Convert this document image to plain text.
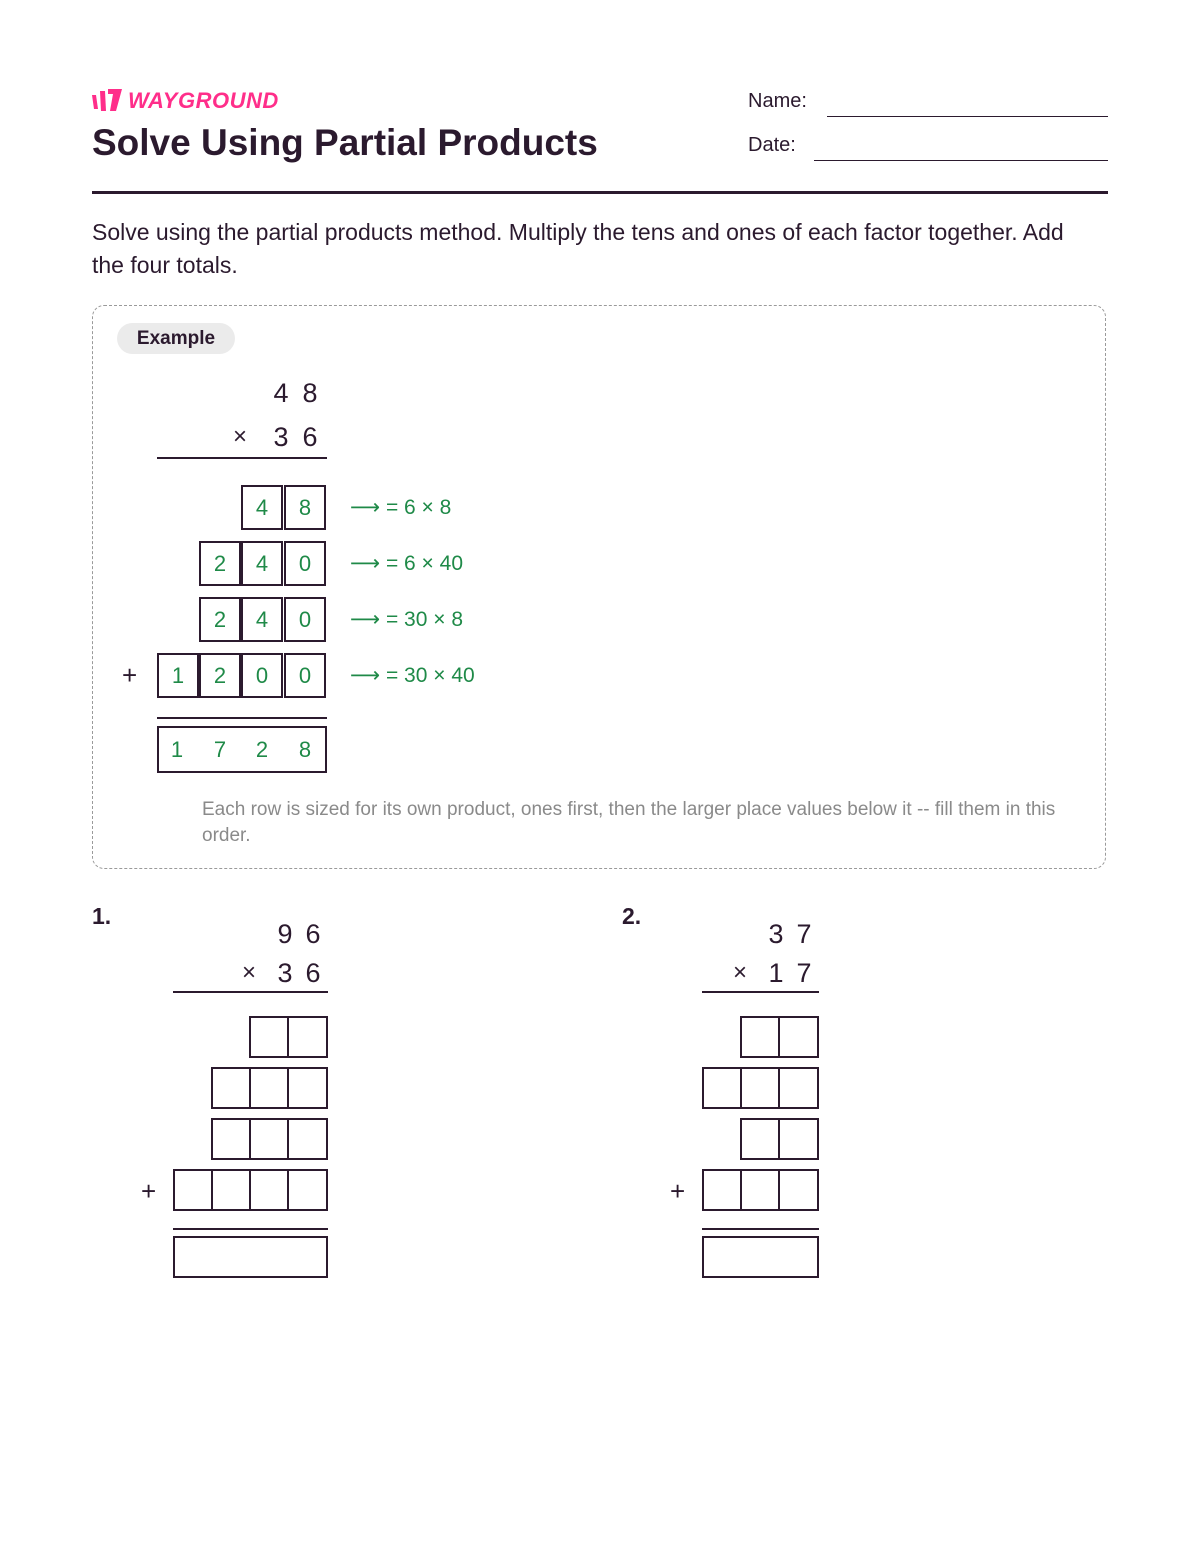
WAYGROUND
Solve Using Partial Products
Name:
Date:
Solve using the partial products method. Multiply the tens and ones of each factor together. Add the four totals.
Example
4 8
× 3 6
4	8	⟶ = 6 × 8
2	4	0	⟶ = 6 × 40
2	4	0	⟶ = 30 × 8
+	1	2	0	0	⟶ = 30 × 40
1	7	2	8
Each row is sized for its own product, ones first, then the larger place values below it -- fill them in this order.
1.
9 6
× 3 6
+
2.
3 7
× 1 7
+
